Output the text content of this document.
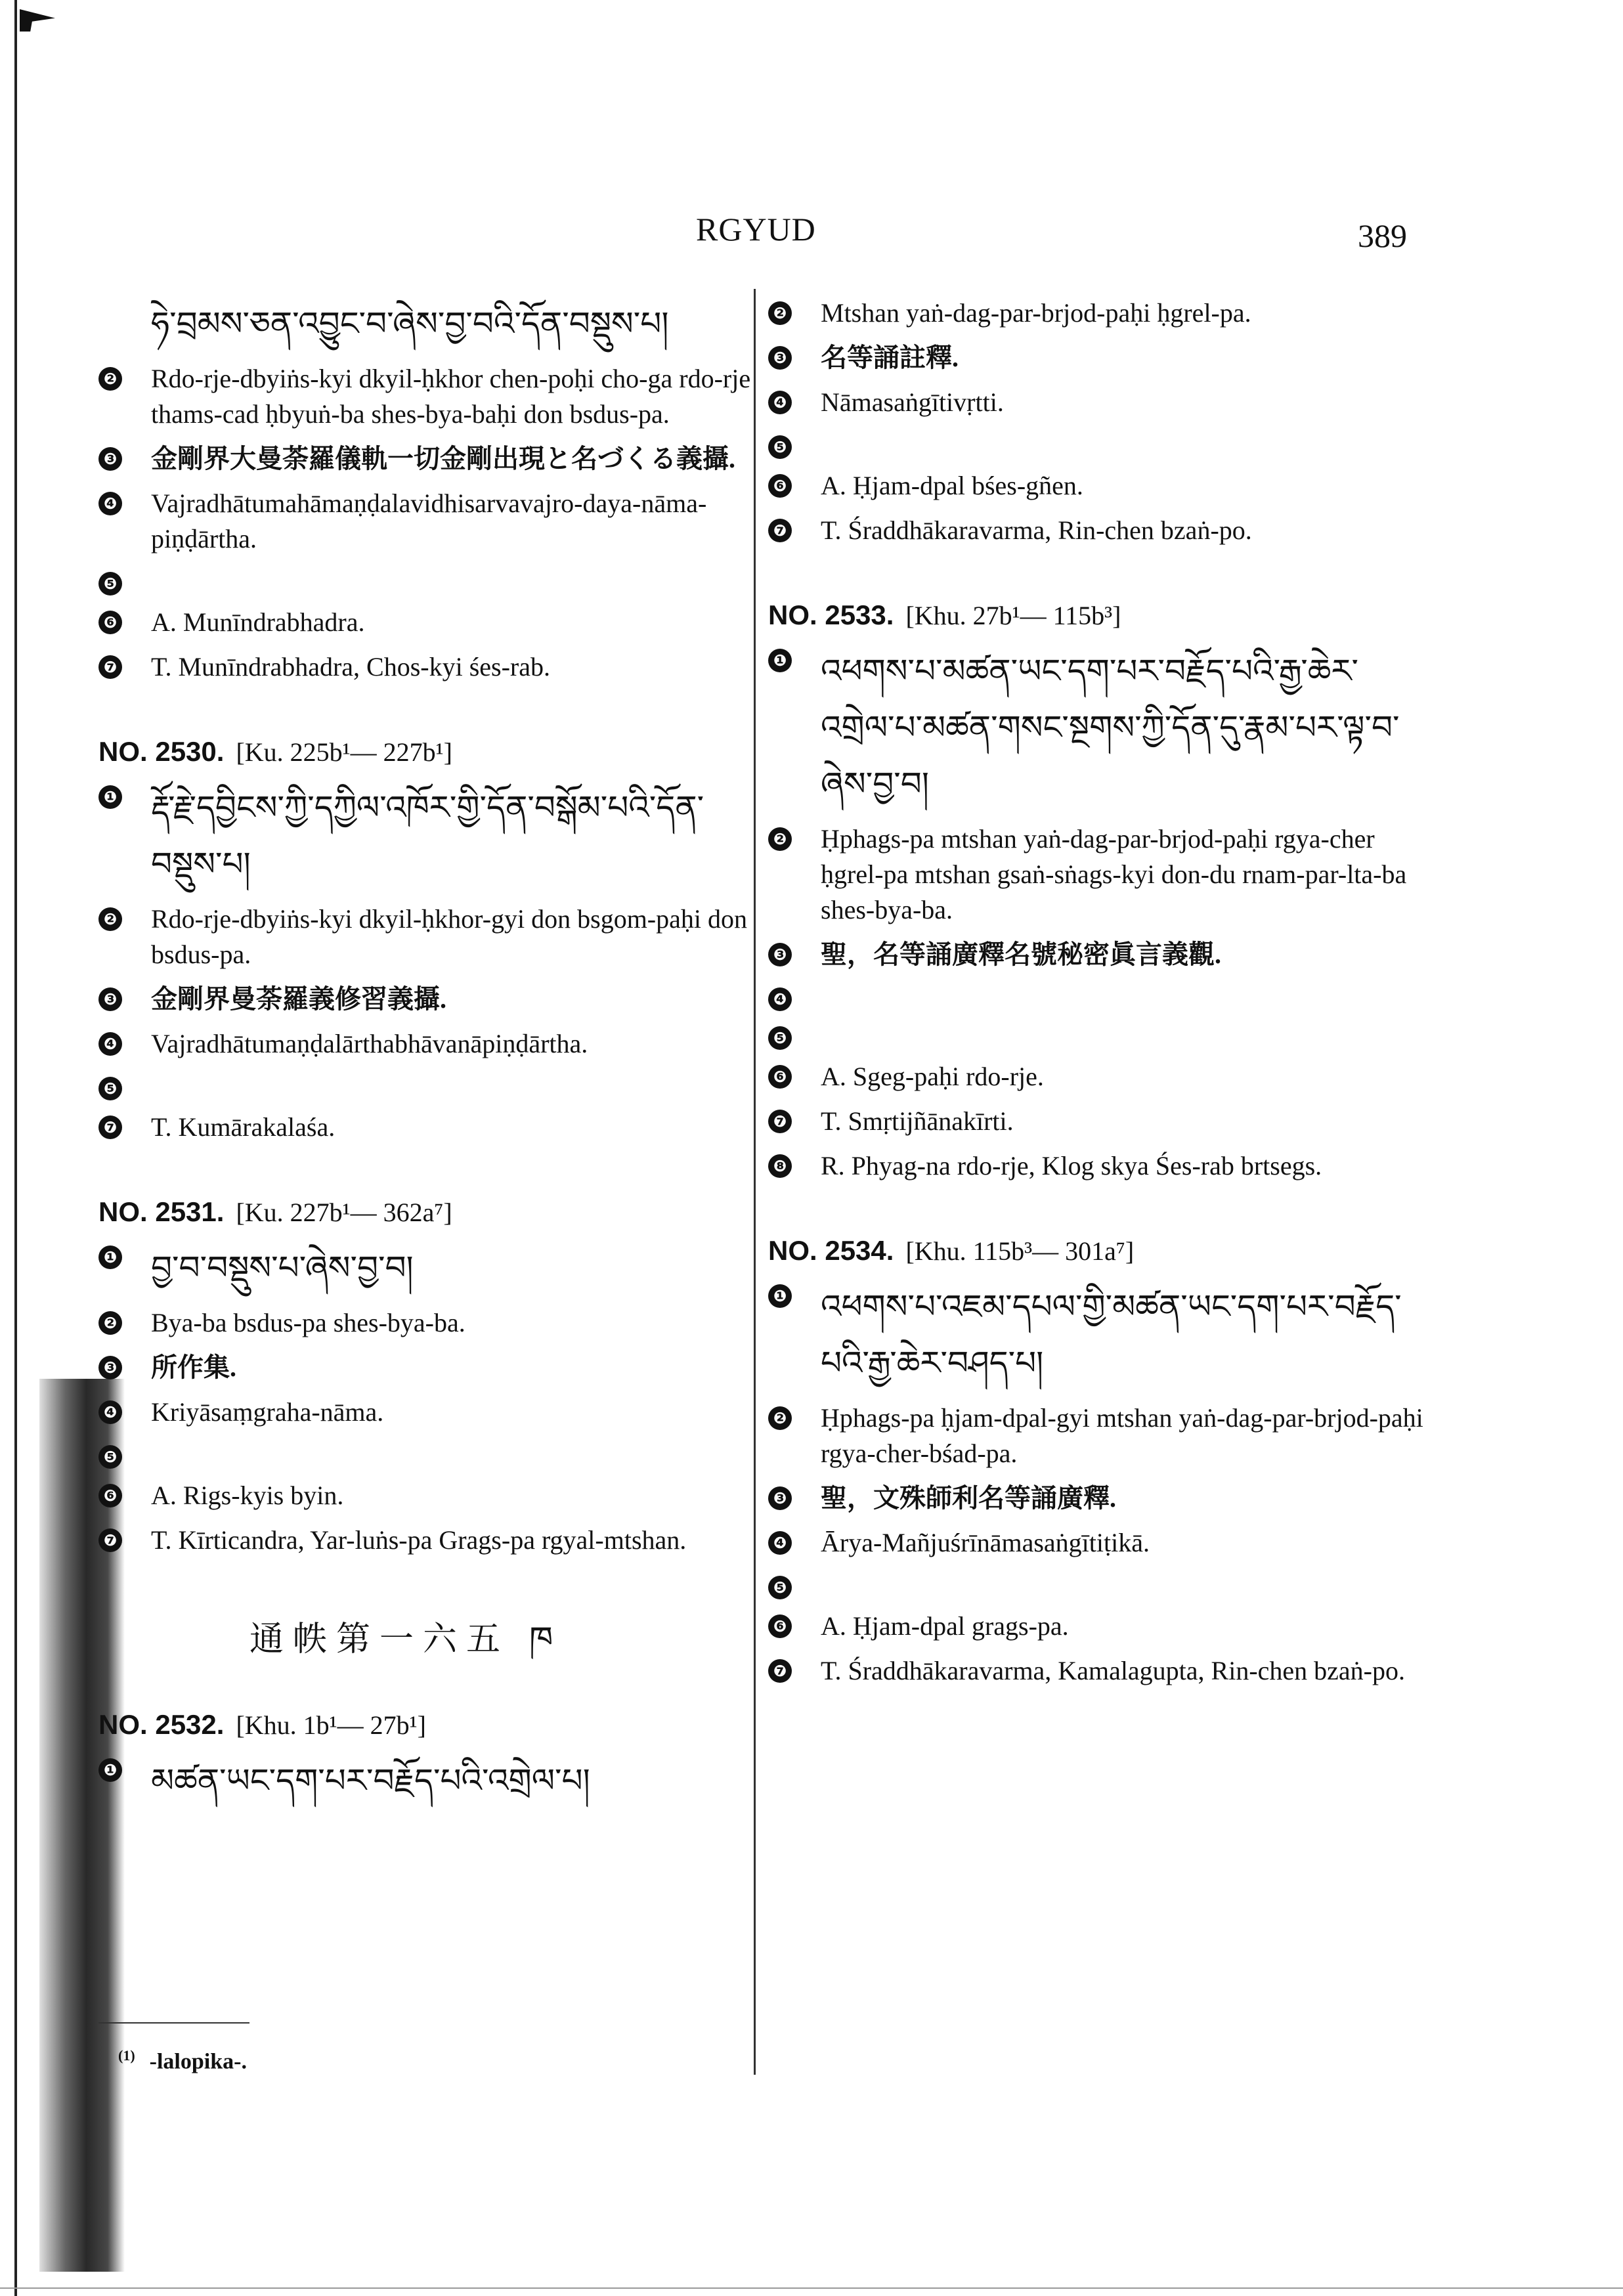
RGYUD	389
ཧེ་བྲམས་ཅན་འབྱུང་བ་ཞེས་བྱ་བའི་དོན་བསྡུས་པ།
❷ Rdo-rje-dbyiṅs-kyi dkyil-ḥkhor chen-poḥi cho-ga rdo-rje thams-cad ḥbyuṅ-ba shes-bya-baḥi don bsdus-pa.
❸ 金剛界大曼荼羅儀軌一切金剛出現と名づくる義攝.
❹ Vajradhātumahāmaṇḍalavidhisarvavajro-daya-nāma-piṇḍārtha.
❺
❻ A. Munīndrabhadra.
❼ T. Munīndrabhadra, Chos-kyi śes-rab.
NO. 2530. [Ku. 225b¹— 227b¹]
❶ རྡོ་རྗེ་དབྱིངས་ཀྱི་དཀྱིལ་འཁོར་གྱི་དོན་བསྒོམ་པའི་དོན་བསྡུས་པ།
❷ Rdo-rje-dbyiṅs-kyi dkyil-ḥkhor-gyi don bsgom-paḥi don bsdus-pa.
❸ 金剛界曼荼羅義修習義攝.
❹ Vajradhātumaṇḍalārthabhāvanāpiṇḍārtha.
❺
❼ T. Kumārakalaśa.
NO. 2531. [Ku. 227b¹— 362a⁷]
❶ བྱ་བ་བསྡུས་པ་ཞེས་བྱ་བ།
❷ Bya-ba bsdus-pa shes-bya-ba.
❸ 所作集.
❹ Kriyāsaṃgraha-nāma.
❺
❻ A. Rigs-kyis byin.
❼ T. Kīrticandra, Yar-luṅs-pa Grags-pa rgyal-mtshan.
通帙第一六五 ཁ
NO. 2532. [Khu. 1b¹— 27b¹]
❶ མཚན་ཡང་དག་པར་བརྗོད་པའི་འགྲེལ་པ།
$^{(1)}$ -lalopika-.
❷ Mtshan yaṅ-dag-par-brjod-paḥi ḥgrel-pa.
❸ 名等誦註釋.
❹ Nāmasaṅgītivṛtti.
❺
❻ A. Ḥjam-dpal bśes-gñen.
❼ T. Śraddhākaravarma, Rin-chen bzaṅ-po.
NO. 2533. [Khu. 27b¹— 115b³]
❶ འཕགས་པ་མཚན་ཡང་དག་པར་བརྗོད་པའི་རྒྱ་ཆེར་འགྲེལ་པ་མཚན་གསང་སྔགས་ཀྱི་དོན་དུ་རྣམ་པར་ལྟ་བ་ཞེས་བྱ་བ།
❷ Ḥphags-pa mtshan yaṅ-dag-par-brjod-paḥi rgya-cher ḥgrel-pa mtshan gsaṅ-sṅags-kyi don-du rnam-par-lta-ba shes-bya-ba.
❸ 聖，名等誦廣釋名號秘密眞言義觀.
❹
❺
❻ A. Sgeg-paḥi rdo-rje.
❼ T. Smṛtijñānakīrti.
❽ R. Phyag-na rdo-rje, Klog skya Śes-rab brtsegs.
NO. 2534. [Khu. 115b³— 301a⁷]
❶ འཕགས་པ་འཇམ་དཔལ་གྱི་མཚན་ཡང་དག་པར་བརྗོད་པའི་རྒྱ་ཆེར་བཤད་པ།
❷ Ḥphags-pa ḥjam-dpal-gyi mtshan yaṅ-dag-par-brjod-paḥi rgya-cher-bśad-pa.
❸ 聖，文殊師利名等誦廣釋.
❹ Ārya-Mañjuśrīnāmasaṅgītiṭikā.
❺
❻ A. Ḥjam-dpal grags-pa.
❼ T. Śraddhākaravarma, Kamalagupta, Rin-chen bzaṅ-po.
